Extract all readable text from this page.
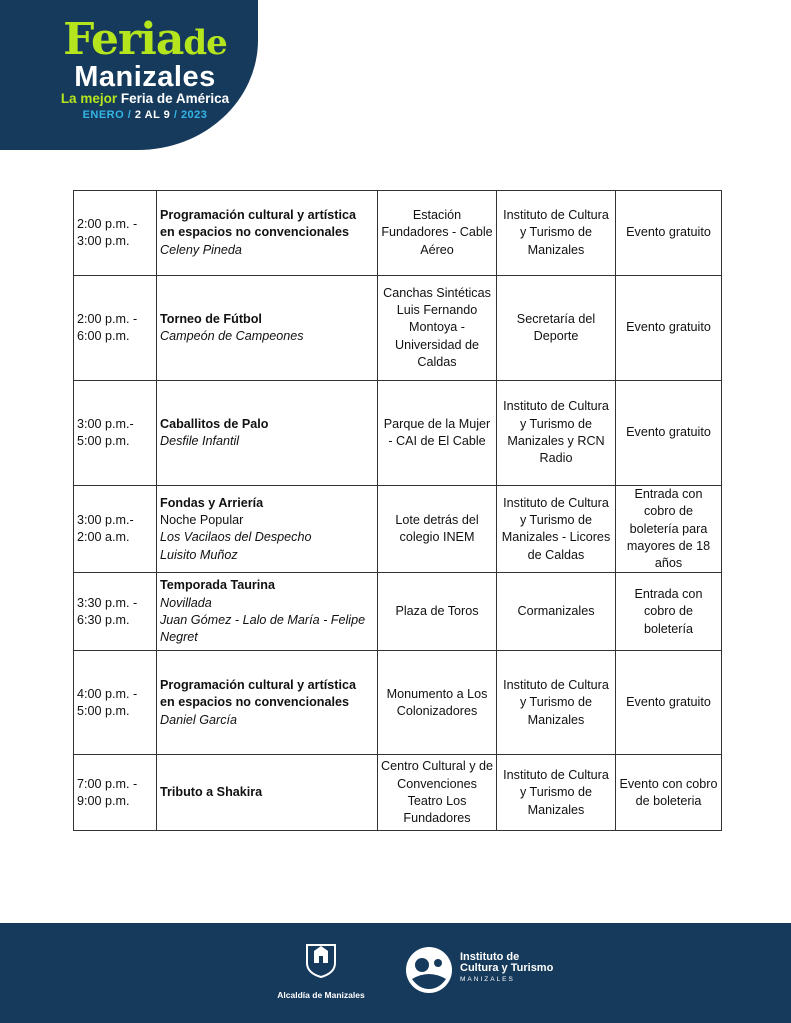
Feriade
Manizales
La mejor Feria de América
ENERO / 2 AL 9 / 2023
2:00 p.m. -
3:00 p.m.	Programación cultural y artística en espacios no convencionales
Celeny Pineda	Estación Fundadores - Cable Aéreo	Instituto de Cultura y Turismo de Manizales	Evento gratuito

2:00 p.m. -
6:00 p.m.	Torneo de Fútbol
Campeón de Campeones	Canchas Sintéticas Luis Fernando Montoya - Universidad de Caldas	Secretaría del Deporte	Evento gratuito

3:00 p.m.-
5:00 p.m.	Caballitos de Palo
Desfile Infantil	Parque de la Mujer - CAI de El Cable	Instituto de Cultura y Turismo de Manizales y RCN Radio	Evento gratuito

3:00 p.m.-
2:00 a.m.	Fondas y Arriería
Noche Popular
Los Vacilaos del Despecho
Luisito Muñoz	Lote detrás del colegio INEM	Instituto de Cultura y Turismo de Manizales - Licores de Caldas	Entrada con cobro de boletería para mayores de 18 años

3:30 p.m. -
6:30 p.m.	Temporada Taurina
Novillada
Juan Gómez - Lalo de María - Felipe Negret	Plaza de Toros	Cormanizales	Entrada con cobro de boletería

4:00 p.m. -
5:00 p.m.	Programación cultural y artística en espacios no convencionales
Daniel García	Monumento a Los Colonizadores	Instituto de Cultura y Turismo de Manizales	Evento gratuito

7:00 p.m. -
9:00 p.m.	Tributo a Shakira	Centro Cultural y de Convenciones Teatro Los Fundadores	Instituto de Cultura y Turismo de Manizales	Evento con cobro de boleteria
Alcaldía de Manizales
Instituto de
Cultura y Turismo
MANIZALES
